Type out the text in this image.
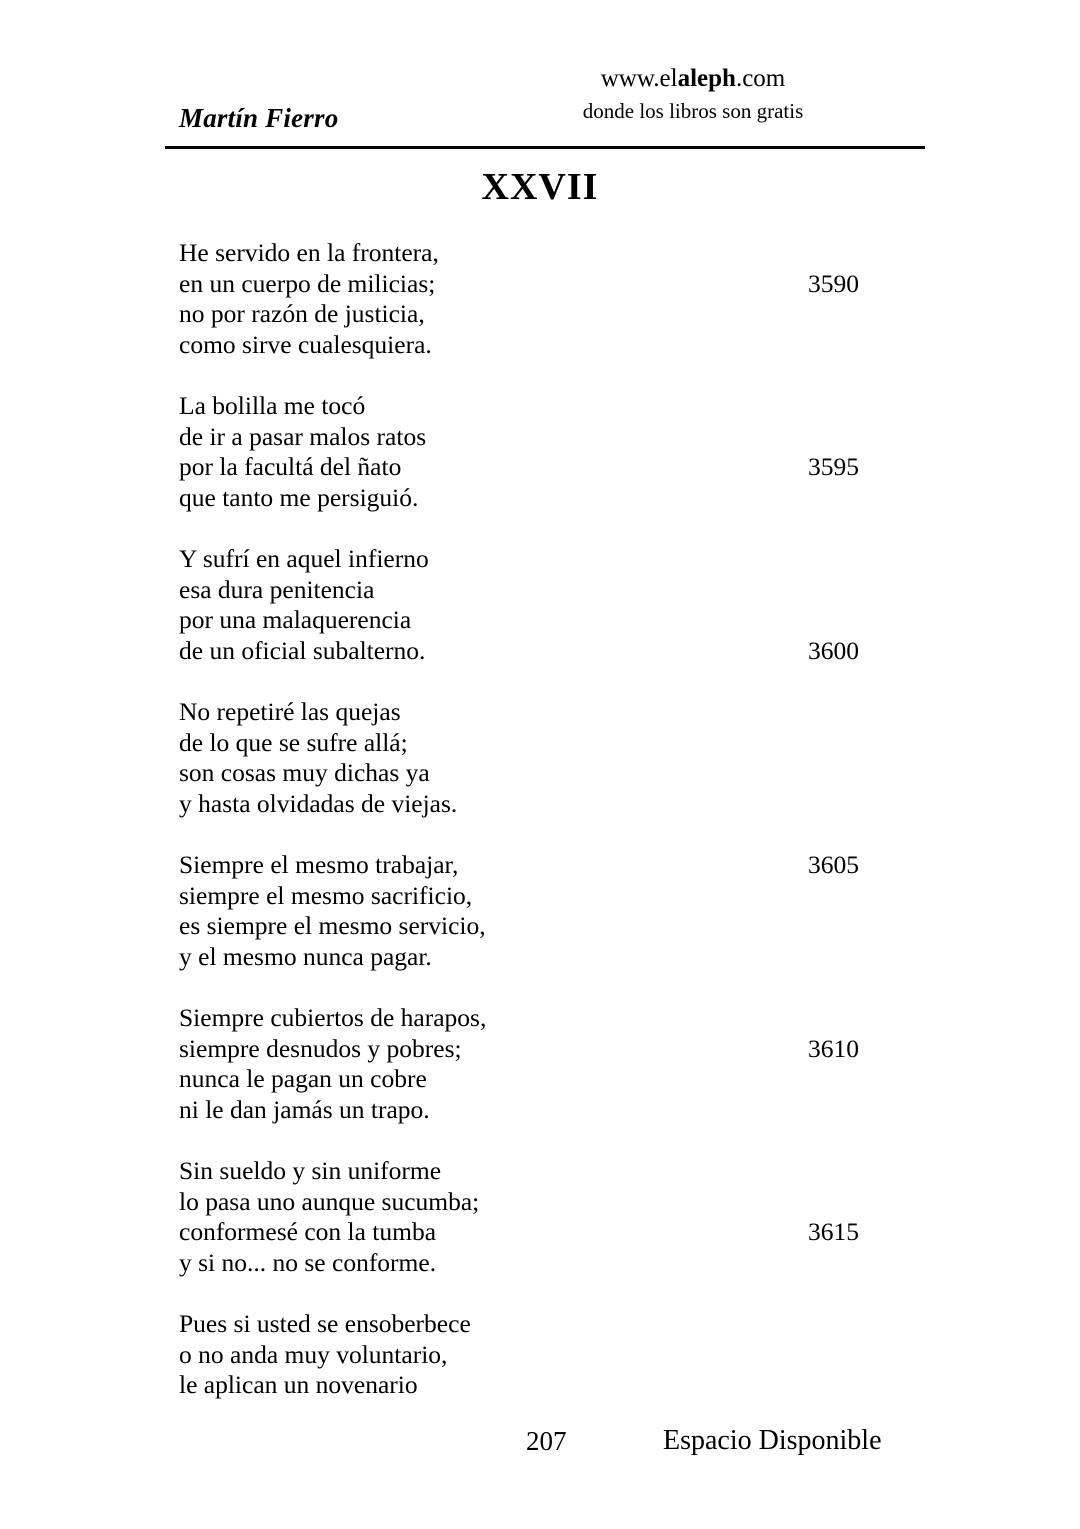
Martín Fierro
www.elaleph.com
donde los libros son gratis
XXVII
He servido en la frontera,
en un cuerpo de milicias;	3590
no por razón de justicia,
como sirve cualesquiera.
La bolilla me tocó
de ir a pasar malos ratos
por la facultá del ñato	3595
que tanto me persiguió.
Y sufrí en aquel infierno
esa dura penitencia
por una malaquerencia
de un oficial subalterno.	3600
No repetiré las quejas
de lo que se sufre allá;
son cosas muy dichas ya
y hasta olvidadas de viejas.
Siempre el mesmo trabajar,	3605
siempre el mesmo sacrificio,
es siempre el mesmo servicio,
y el mesmo nunca pagar.
Siempre cubiertos de harapos,
siempre desnudos y pobres;	3610
nunca le pagan un cobre
ni le dan jamás un trapo.
Sin sueldo y sin uniforme
lo pasa uno aunque sucumba;
conformesé con la tumba	3615
y si no... no se conforme.
Pues si usted se ensoberbece
o no anda muy voluntario,
le aplican un novenario
207	Espacio Disponible
